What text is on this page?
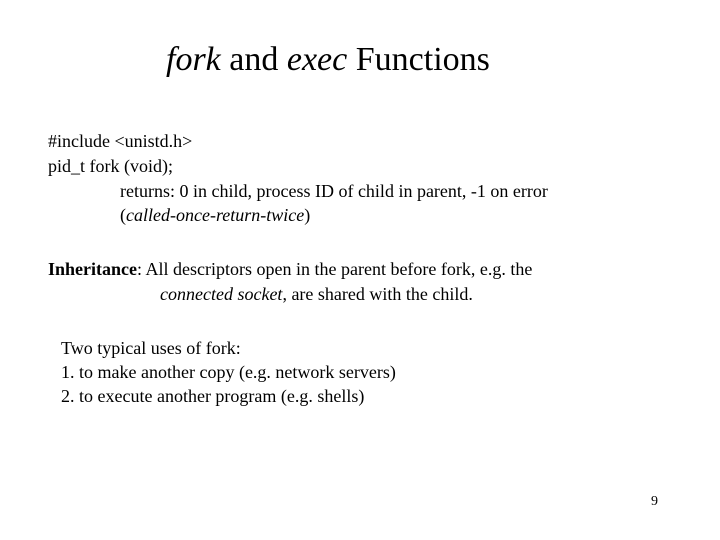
fork and exec Functions
#include <unistd.h>
pid_t fork (void);
returns: 0 in child, process ID of child in parent, -1 on error
(called-once-return-twice)
Inheritance: All descriptors open in the parent before fork, e.g. the
connected socket, are shared with the child.
Two typical uses of fork:
1. to make another copy (e.g. network servers)
2. to execute another program (e.g. shells)
9
